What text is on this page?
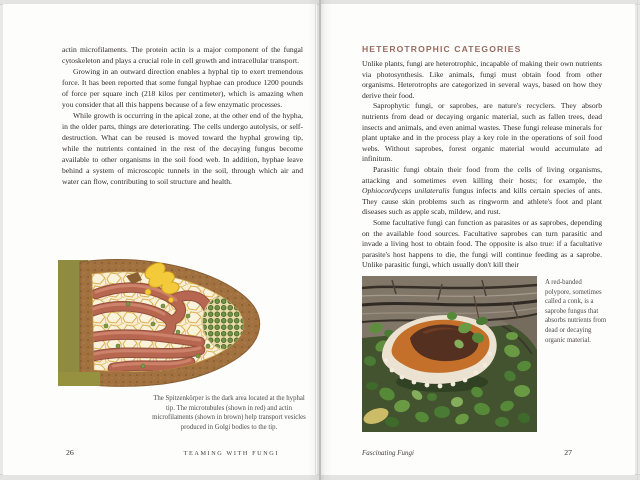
actin microfilaments. The protein actin is a major component of the fungal cytoskeleton and plays a crucial role in cell growth and intracellular transport.

Growing in an outward direction enables a hyphal tip to exert tremendous force. It has been reported that some fungal hyphae can produce 1200 pounds of force per square inch (218 kilos per centimeter), which is amazing when you consider that all this happens because of a few enzymatic processes.

While growth is occurring in the apical zone, at the other end of the hypha, in the older parts, things are deteriorating. The cells undergo autolysis, or self-destruction. What can be reused is moved toward the hyphal growing tip, while the nutrients contained in the rest of the decaying fungus become available to other organisms in the soil food web. In addition, hyphae leave behind a system of microscopic tunnels in the soil, through which air and water can flow, contributing to soil structure and health.

The Spitzenkörper is the dark area located at the hyphal tip. The microtubules (shown in red) and actin microfilaments (shown in brown) help transport vesicles produced in Golgi bodies to the tip.
26	TEAMING WITH FUNGI
HETEROTROPHIC CATEGORIES

Unlike plants, fungi are heterotrophic, incapable of making their own nutrients via photosynthesis. Like animals, fungi must obtain food from other organisms. Heterotrophs are categorized in several ways, based on how they derive their food.

Saprophytic fungi, or saprobes, are nature's recyclers. They absorb nutrients from dead or decaying organic material, such as fallen trees, dead insects and animals, and even animal wastes. These fungi release minerals for plant uptake and in the process play a key role in the operations of soil food webs. Without saprobes, forest organic material would accumulate ad infinitum.

Parasitic fungi obtain their food from the cells of living organisms, attacking and sometimes even killing their hosts; for example, the Ophiocordyceps unilateralis fungus infects and kills certain species of ants. They cause skin problems such as ringworm and athlete's foot and plant diseases such as apple scab, mildew, and rust.

Some facultative fungi can function as parasites or as saprobes, depending on the available food sources. Facultative saprobes can turn parasitic and invade a living host to obtain food. The opposite is also true: if a facultative parasite's host happens to die, the fungi will continue feeding as a saprobe. Unlike parasitic fungi, which usually don't kill their

A red-banded polypore, sometimes called a conk, is a saprobe fungus that absorbs nutrients from dead or decaying organic material.
Fascinating Fungi	27
